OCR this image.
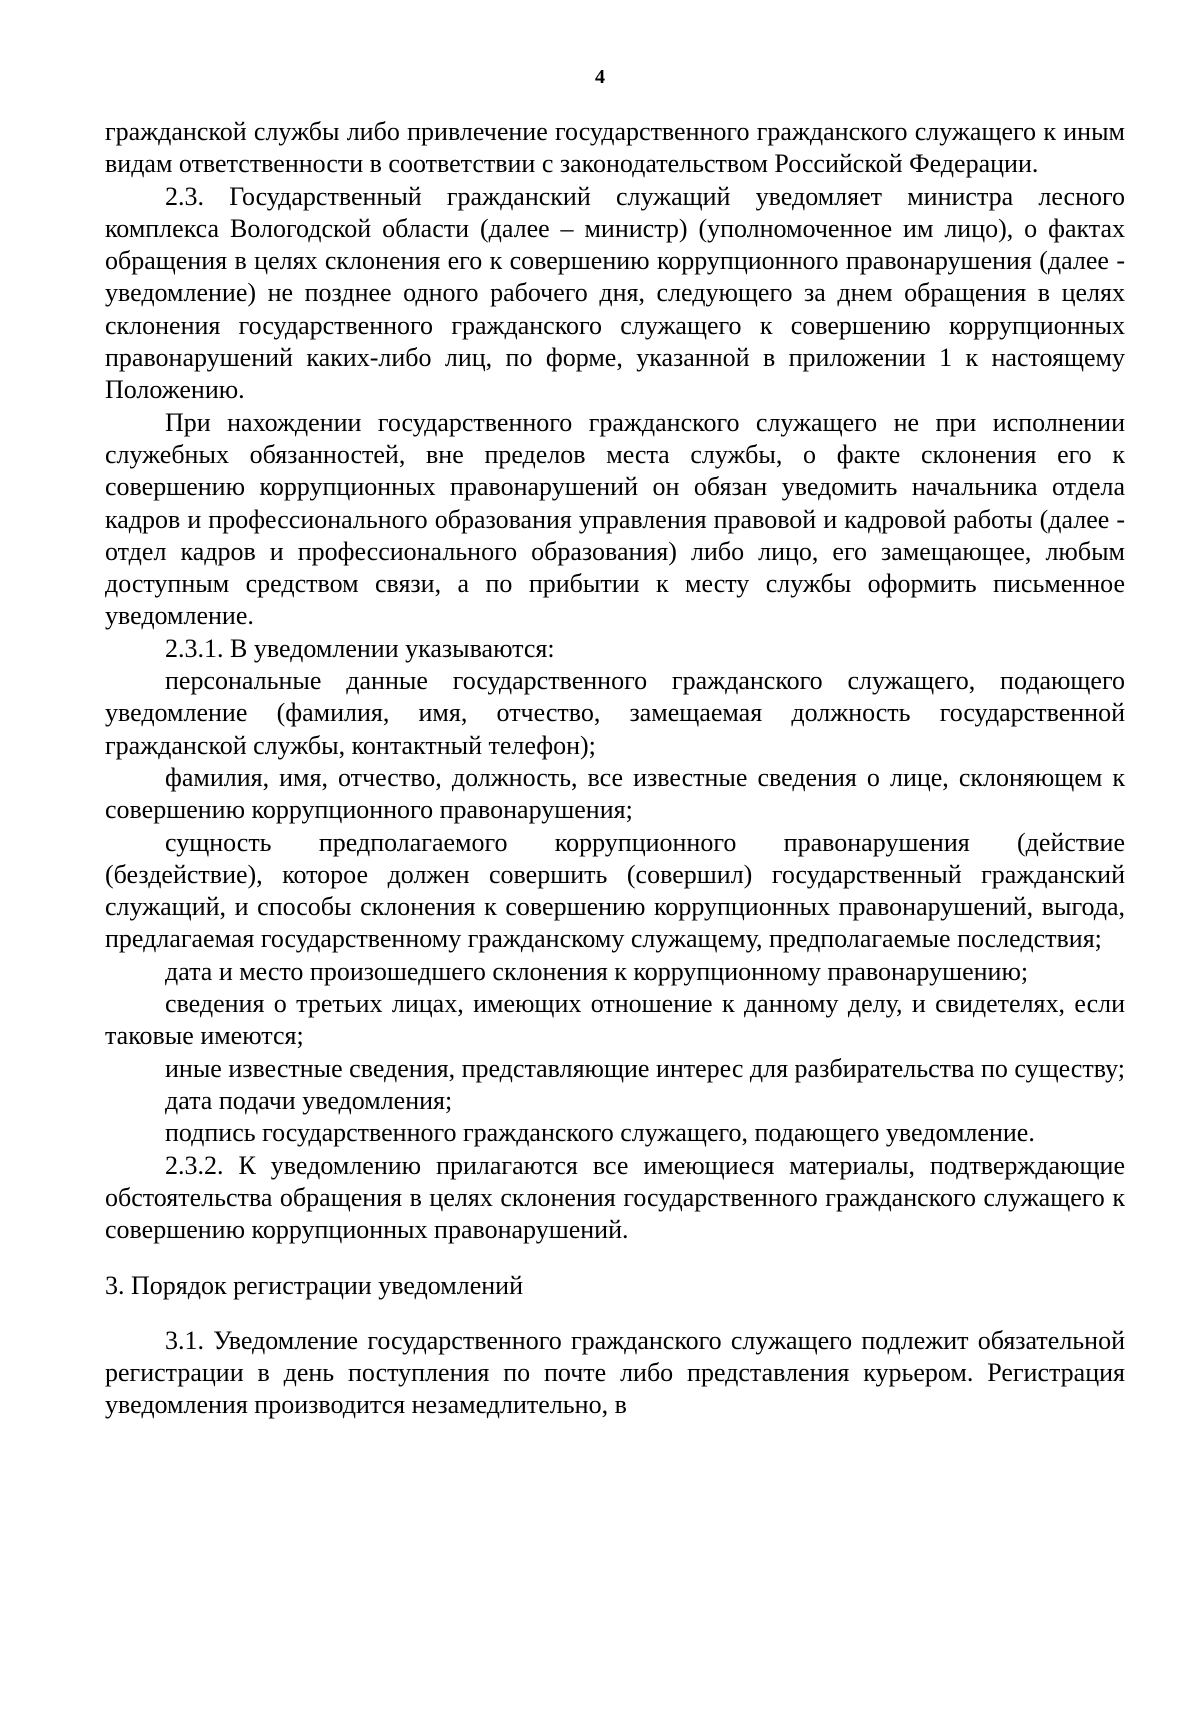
4

гражданской службы либо привлечение государственного гражданского служащего к иным видам ответственности в соответствии с законодательством Российской Федерации.

2.3. Государственный гражданский служащий уведомляет министра лесного комплекса Вологодской области (далее – министр) (уполномоченное им лицо), о фактах обращения в целях склонения его к совершению коррупционного правонарушения (далее - уведомление) не позднее одного рабочего дня, следующего за днем обращения в целях склонения государственного гражданского служащего к совершению коррупционных правонарушений каких-либо лиц, по форме, указанной в приложении 1 к настоящему Положению.

При нахождении государственного гражданского служащего не при исполнении служебных обязанностей, вне пределов места службы, о факте склонения его к совершению коррупционных правонарушений он обязан уведомить начальника отдела кадров и профессионального образования управления правовой и кадровой работы (далее - отдел кадров и профессионального образования) либо лицо, его замещающее, любым доступным средством связи, а по прибытии к месту службы оформить письменное уведомление.

2.3.1. В уведомлении указываются:

персональные данные государственного гражданского служащего, подающего уведомление (фамилия, имя, отчество, замещаемая должность государственной гражданской службы, контактный телефон);

фамилия, имя, отчество, должность, все известные сведения о лице, склоняющем к совершению коррупционного правонарушения;

сущность предполагаемого коррупционного правонарушения (действие (бездействие), которое должен совершить (совершил) государственный гражданский служащий, и способы склонения к совершению коррупционных правонарушений, выгода, предлагаемая государственному гражданскому служащему, предполагаемые последствия;

дата и место произошедшего склонения к коррупционному правонарушению;

сведения о третьих лицах, имеющих отношение к данному делу, и свидетелях, если таковые имеются;

иные известные сведения, представляющие интерес для разбирательства по существу;

дата подачи уведомления;

подпись государственного гражданского служащего, подающего уведомление.

2.3.2. К уведомлению прилагаются все имеющиеся материалы, подтверждающие обстоятельства обращения в целях склонения государственного гражданского служащего к совершению коррупционных правонарушений.

3. Порядок регистрации уведомлений

3.1. Уведомление государственного гражданского служащего подлежит обязательной регистрации в день поступления по почте либо представления курьером. Регистрация уведомления производится незамедлительно, в
